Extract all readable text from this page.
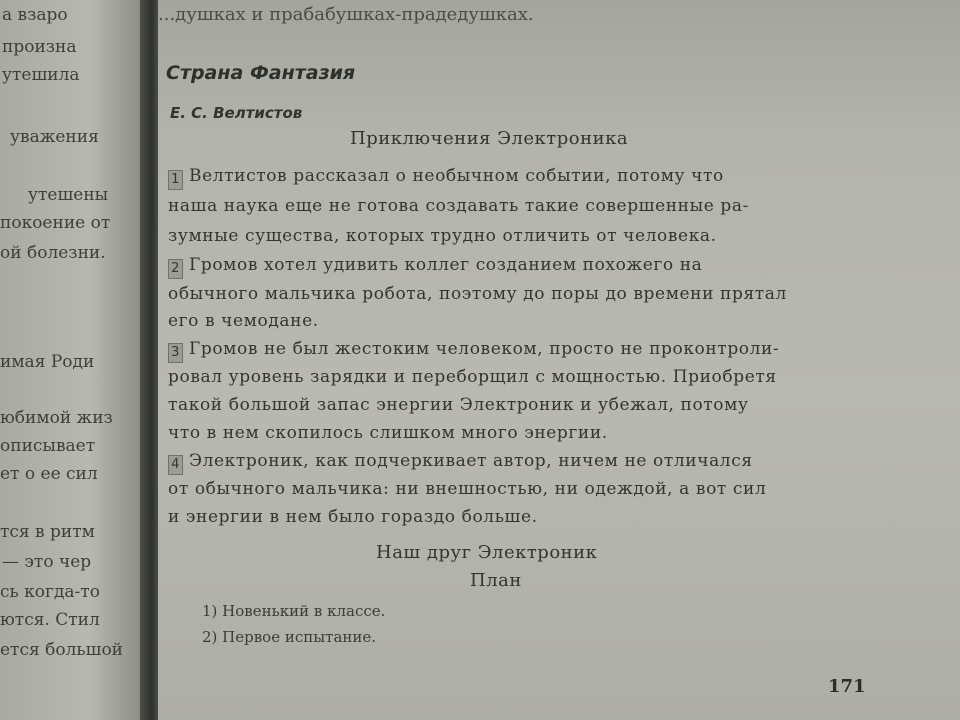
а взаро
произна
утешила
уважения
утешены
покоение от
ой болезни.
имая Роди
юбимой жиз
описывает
ет о ее сил
тся в ритм
— это чер
сь когда-то
ются. Стил
ется большой
...душках и прабабушках-прадедушках.
Страна Фантазия
Е. С. Велтистов
Приключения Электроника
1 Велтистов рассказал о необычном событии, потому что
наша наука еще не готова создавать такие совершенные ра-
зумные существа, которых трудно отличить от человека.
2 Громов хотел удивить коллег созданием похожего на
обычного мальчика робота, поэтому до поры до времени прятал
его в чемодане.
3 Громов не был жестоким человеком, просто не проконтроли-
ровал уровень зарядки и переборщил с мощностью. Приобретя
такой большой запас энергии Электроник и убежал, потому
что в нем скопилось слишком много энергии.
4 Электроник, как подчеркивает автор, ничем не отличался
от обычного мальчика: ни внешностью, ни одеждой, а вот сил
и энергии в нем было гораздо больше.
Наш друг Электроник
План
1) Новенький в классе.
2) Первое испытание.
171
